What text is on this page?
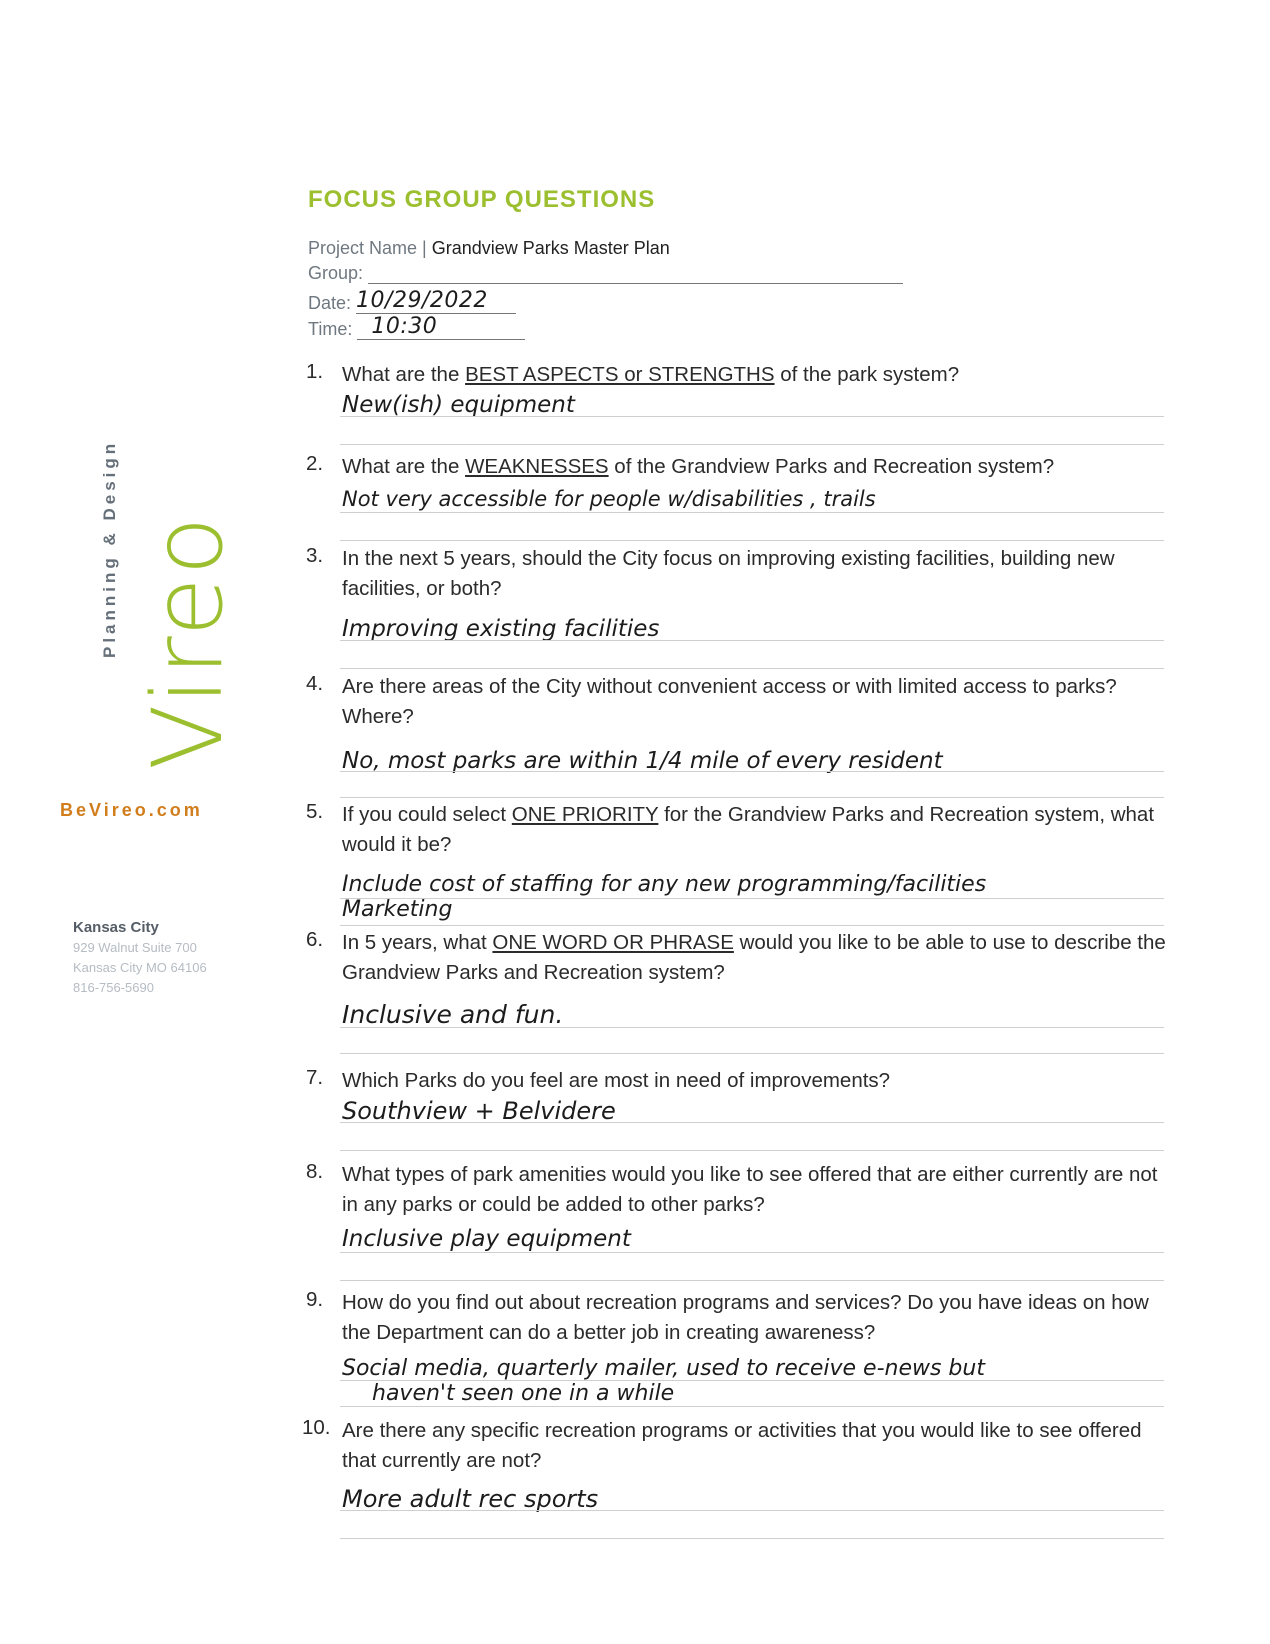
Planning & Design Vireo
BeVireo.com
Kansas City
929 Walnut Suite 700
Kansas City MO 64106
816-756-5690
FOCUS GROUP QUESTIONS
Project Name | Grandview Parks Master Plan
Group:
Date: 10/29/2022
Time: 10:30
1. What are the BEST ASPECTS or STRENGTHS of the park system?
New(ish) equipment
2. What are the WEAKNESSES of the Grandview Parks and Recreation system?
Not very accessible for people w/disabilities , trails
3. In the next 5 years, should the City focus on improving existing facilities, building new facilities, or both?
Improving existing facilities
4. Are there areas of the City without convenient access or with limited access to parks? Where?
No, most parks are within 1/4 mile of every resident
5. If you could select ONE PRIORITY for the Grandview Parks and Recreation system, what would it be?
Include cost of staffing for any new programming/facilities
Marketing
6. In 5 years, what ONE WORD OR PHRASE would you like to be able to use to describe the Grandview Parks and Recreation system?
Inclusive and fun.
7. Which Parks do you feel are most in need of improvements?
Southview + Belvidere
8. What types of park amenities would you like to see offered that are either currently are not in any parks or could be added to other parks?
Inclusive play equipment
9. How do you find out about recreation programs and services? Do you have ideas on how the Department can do a better job in creating awareness?
Social media, quarterly mailer, used to receive e-news but
haven't seen one in a while
10. Are there any specific recreation programs or activities that you would like to see offered that currently are not?
More adult rec sports
